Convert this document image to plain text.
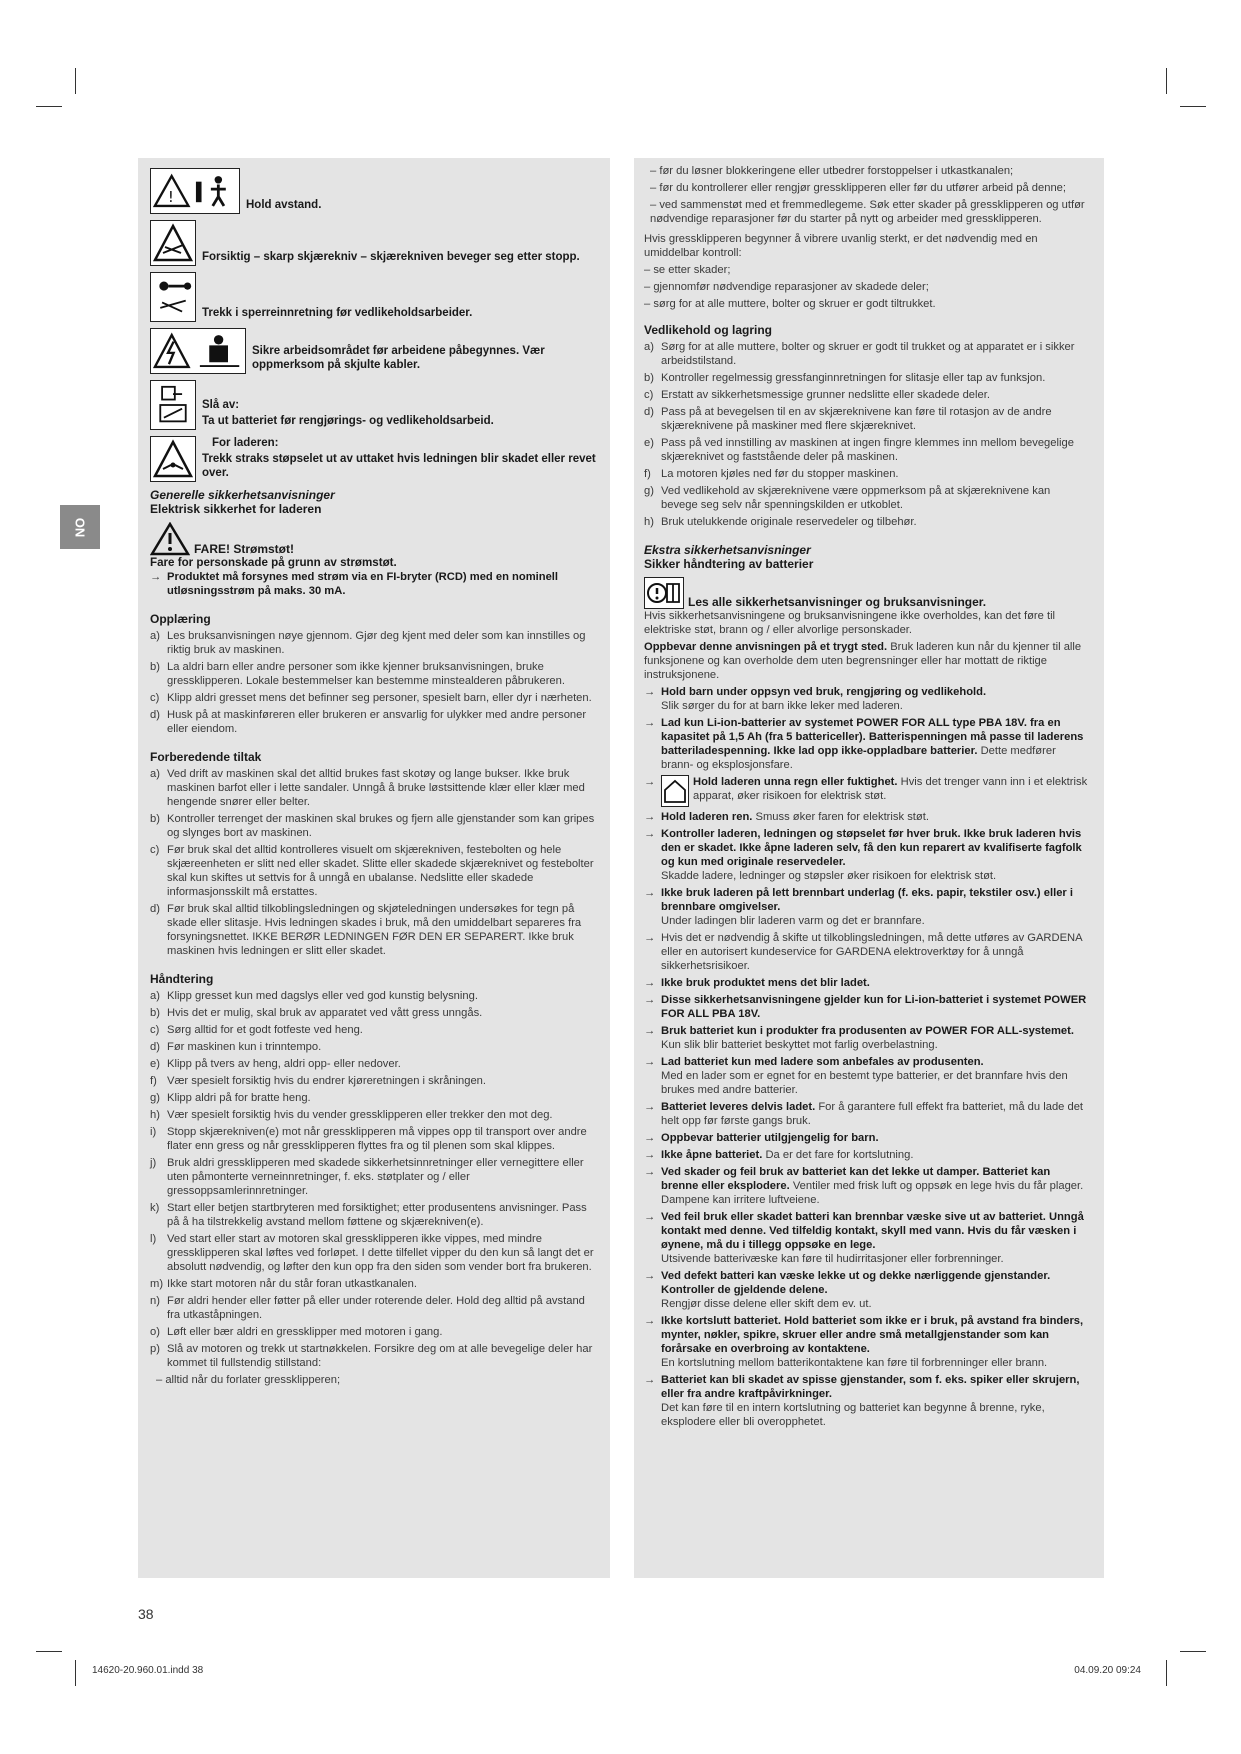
NO
!	Hold avstand.
Forsiktig – skarp skjærekniv – skjærekniven beveger seg etter stopp.
Trekk i sperreinnretning før vedlikeholdsarbeider.
Sikre arbeidsområdet før arbeidene påbegynnes. Vær oppmerksom på skjulte kabler.
Slå av:
Ta ut batteriet før rengjørings- og vedlikeholdsarbeid.
For laderen:
Trekk straks støpselet ut av uttaket hvis ledningen blir skadet eller revet over.
Generelle sikkerhetsanvisninger
Elektrisk sikkerhet for laderen
FARE! Strømstøt!
Fare for personskade på grunn av strømstøt.
→ Produktet må forsynes med strøm via en FI-bryter (RCD) med en nominell utløsningsstrøm på maks. 30 mA.
Opplæring
a) Les bruksanvisningen nøye gjennom. Gjør deg kjent med deler som kan innstilles og riktig bruk av maskinen.
b) La aldri barn eller andre personer som ikke kjenner bruksanvisningen, bruke gressklipperen. Lokale bestemmelser kan bestemme minstealderen påbrukeren.
c) Klipp aldri gresset mens det befinner seg personer, spesielt barn, eller dyr i nærheten.
d) Husk på at maskinføreren eller brukeren er ansvarlig for ulykker med andre personer eller eiendom.
Forberedende tiltak
a) Ved drift av maskinen skal det alltid brukes fast skotøy og lange bukser. Ikke bruk maskinen barfot eller i lette sandaler. Unngå å bruke løstsittende klær eller klær med hengende snører eller belter.
b) Kontroller terrenget der maskinen skal brukes og fjern alle gjenstander som kan gripes og slynges bort av maskinen.
c) Før bruk skal det alltid kontrolleres visuelt om skjærekniven, festebolten og hele skjæreenheten er slitt ned eller skadet. Slitte eller skadede skjæreknivet og festebolter skal kun skiftes ut settvis for å unngå en ubalanse. Nedslitte eller skadede informasjonsskilt må erstattes.
d) Før bruk skal alltid tilkoblingsledningen og skjøteledningen undersøkes for tegn på skade eller slitasje. Hvis ledningen skades i bruk, må den umiddelbart separeres fra forsyningsnettet. IKKE BERØR LEDNINGEN FØR DEN ER SEPARERT. Ikke bruk maskinen hvis ledningen er slitt eller skadet.
Håndtering
a) Klipp gresset kun med dagslys eller ved god kunstig belysning.
b) Hvis det er mulig, skal bruk av apparatet ved vått gress unngås.
c) Sørg alltid for et godt fotfeste ved heng.
d) Før maskinen kun i trinntempo.
e) Klipp på tvers av heng, aldri opp- eller nedover.
f) Vær spesielt forsiktig hvis du endrer kjøreretningen i skråningen.
g) Klipp aldri på for bratte heng.
h) Vær spesielt forsiktig hvis du vender gressklipperen eller trekker den mot deg.
i) Stopp skjærekniven(e) mot når gressklipperen må vippes opp til transport over andre flater enn gress og når gressklipperen flyttes fra og til plenen som skal klippes.
j) Bruk aldri gressklipperen med skadede sikkerhetsinnretninger eller vernegittere eller uten påmonterte verneinnretninger, f. eks. støtplater og / eller gressoppsamlerinnretninger.
k) Start eller betjen startbryteren med forsiktighet; etter produsentens anvisninger. Pass på å ha tilstrekkelig avstand mellom føttene og skjærekniven(e).
l) Ved start eller start av motoren skal gressklipperen ikke vippes, med mindre gressklipperen skal løftes ved forløpet. I dette tilfellet vipper du den kun så langt det er absolutt nødvendig, og løfter den kun opp fra den siden som vender bort fra brukeren.
m) Ikke start motoren når du står foran utkastkanalen.
n) Før aldri hender eller føtter på eller under roterende deler. Hold deg alltid på avstand fra utkaståpningen.
o) Løft eller bær aldri en gressklipper med motoren i gang.
p) Slå av motoren og trekk ut startnøkkelen. Forsikre deg om at alle bevegelige deler har kommet til fullstendig stillstand:
– alltid når du forlater gressklipperen;
– før du løsner blokkeringene eller utbedrer forstoppelser i utkastkanalen;
– før du kontrollerer eller rengjør gressklipperen eller før du utfører arbeid på denne;
– ved sammenstøt med et fremmedlegeme. Søk etter skader på gressklipperen og utfør nødvendige reparasjoner før du starter på nytt og arbeider med gressklipperen.
Hvis gressklipperen begynner å vibrere uvanlig sterkt, er det nødvendig med en umiddelbar kontroll:
– se etter skader;
– gjennomfør nødvendige reparasjoner av skadede deler;
– sørg for at alle muttere, bolter og skruer er godt tiltrukket.
Vedlikehold og lagring
a) Sørg for at alle muttere, bolter og skruer er godt til trukket og at apparatet er i sikker arbeidstilstand.
b) Kontroller regelmessig gressfanginnretningen for slitasje eller tap av funksjon.
c) Erstatt av sikkerhetsmessige grunner nedslitte eller skadede deler.
d) Pass på at bevegelsen til en av skjæreknivene kan føre til rotasjon av de andre skjæreknivene på maskiner med flere skjæreknivet.
e) Pass på ved innstilling av maskinen at ingen fingre klemmes inn mellom bevegelige skjæreknivet og faststående deler på maskinen.
f) La motoren kjøles ned før du stopper maskinen.
g) Ved vedlikehold av skjæreknivene være oppmerksom på at skjæreknivene kan bevege seg selv når spenningskilden er utkoblet.
h) Bruk utelukkende originale reservedeler og tilbehør.
Ekstra sikkerhetsanvisninger
Sikker håndtering av batterier
Les alle sikkerhetsanvisninger og bruksanvisninger.
Hvis sikkerhetsanvisningene og bruksanvisningene ikke overholdes, kan det føre til elektriske støt, brann og / eller alvorlige personskader.
Oppbevar denne anvisningen på et trygt sted. Bruk laderen kun når du kjenner til alle funksjonene og kan overholde dem uten begrensninger eller har mottatt de riktige instruksjonene.
→ Hold barn under oppsyn ved bruk, rengjøring og vedlikehold.
Slik sørger du for at barn ikke leker med laderen.
→ Lad kun Li-ion-batterier av systemet POWER FOR ALL type PBA 18V. fra en kapasitet på 1,5 Ah (fra 5 battericeller). Batterispenningen må passe til laderens batteriladespenning. Ikke lad opp ikke-oppladbare batterier. Dette medfører brann- og eksplosjonsfare.
→	Hold laderen unna regn eller fuktighet. Hvis det trenger vann inn i et elektrisk apparat, øker risikoen for elektrisk støt.
→ Hold laderen ren. Smuss øker faren for elektrisk støt.
→ Kontroller laderen, ledningen og støpselet før hver bruk. Ikke bruk laderen hvis den er skadet. Ikke åpne laderen selv, få den kun reparert av kvalifiserte fagfolk og kun med originale reservedeler.
Skadde ladere, ledninger og støpsler øker risikoen for elektrisk støt.
→ Ikke bruk laderen på lett brennbart underlag (f. eks. papir, tekstiler osv.) eller i brennbare omgivelser.
Under ladingen blir laderen varm og det er brannfare.
→ Hvis det er nødvendig å skifte ut tilkoblingsledningen, må dette utføres av GARDENA eller en autorisert kundeservice for GARDENA elektroverktøy for å unngå sikkerhetsrisikoer.
→ Ikke bruk produktet mens det blir ladet.
→ Disse sikkerhetsanvisningene gjelder kun for Li-ion-batteriet i systemet POWER FOR ALL PBA 18V.
→ Bruk batteriet kun i produkter fra produsenten av POWER FOR ALL-systemet. Kun slik blir batteriet beskyttet mot farlig overbelastning.
→ Lad batteriet kun med ladere som anbefales av produsenten.
Med en lader som er egnet for en bestemt type batterier, er det brannfare hvis den brukes med andre batterier.
→ Batteriet leveres delvis ladet. For å garantere full effekt fra batteriet, må du lade det helt opp før første gangs bruk.
→ Oppbevar batterier utilgjengelig for barn.
→ Ikke åpne batteriet. Da er det fare for kortslutning.
→ Ved skader og feil bruk av batteriet kan det lekke ut damper. Batteriet kan brenne eller eksplodere. Ventiler med frisk luft og oppsøk en lege hvis du får plager. Dampene kan irritere luftveiene.
→ Ved feil bruk eller skadet batteri kan brennbar væske sive ut av batteriet. Unngå kontakt med denne. Ved tilfeldig kontakt, skyll med vann. Hvis du får væsken i øynene, må du i tillegg oppsøke en lege.
Utsivende batterivæske kan føre til hudirritasjoner eller forbrenninger.
→ Ved defekt batteri kan væske lekke ut og dekke nærliggende gjenstander. Kontroller de gjeldende delene.
Rengjør disse delene eller skift dem ev. ut.
→ Ikke kortslutt batteriet. Hold batteriet som ikke er i bruk, på avstand fra binders, mynter, nøkler, spikre, skruer eller andre små metallgjenstander som kan forårsake en overbroing av kontaktene.
En kortslutning mellom batterikontaktene kan føre til forbrenninger eller brann.
→ Batteriet kan bli skadet av spisse gjenstander, som f. eks. spiker eller skrujern, eller fra andre kraftpåvirkninger.
Det kan føre til en intern kortslutning og batteriet kan begynne å brenne, ryke, eksplodere eller bli overopphetet.
38
14620-20.960.01.indd 38	04.09.20 09:24
